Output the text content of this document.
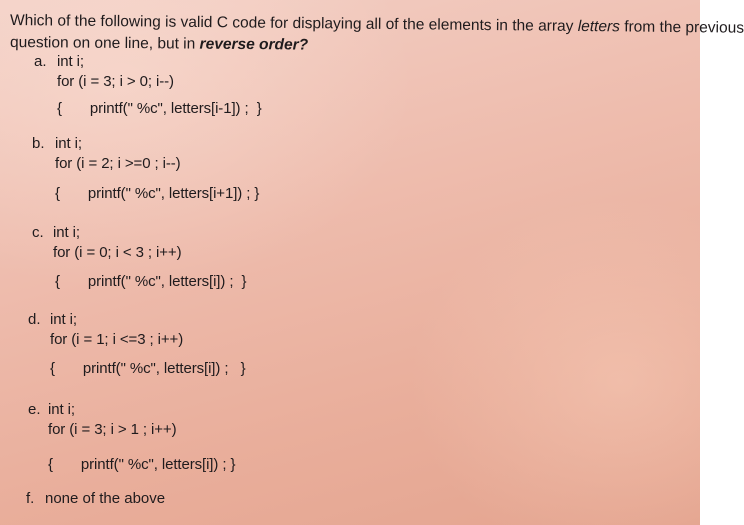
Which of the following is valid C code for displaying all of the elements in the array letters from the previous
question on one line, but in reverse order?
a. int i;
for (i = 3; i > 0; i--)
{ printf(" %c", letters[i-1]) ; }
b. int i;
for (i = 2; i >=0 ; i--)
{ printf(" %c", letters[i+1]) ; }
c. int i;
for (i = 0; i < 3 ; i++)
{ printf(" %c", letters[i]) ; }
d. int i;
for (i = 1; i <=3 ; i++)
{ printf(" %c", letters[i]) ; }
e. int i;
for (i = 3; i > 1 ; i++)
{ printf(" %c", letters[i]) ; }
f. none of the above
